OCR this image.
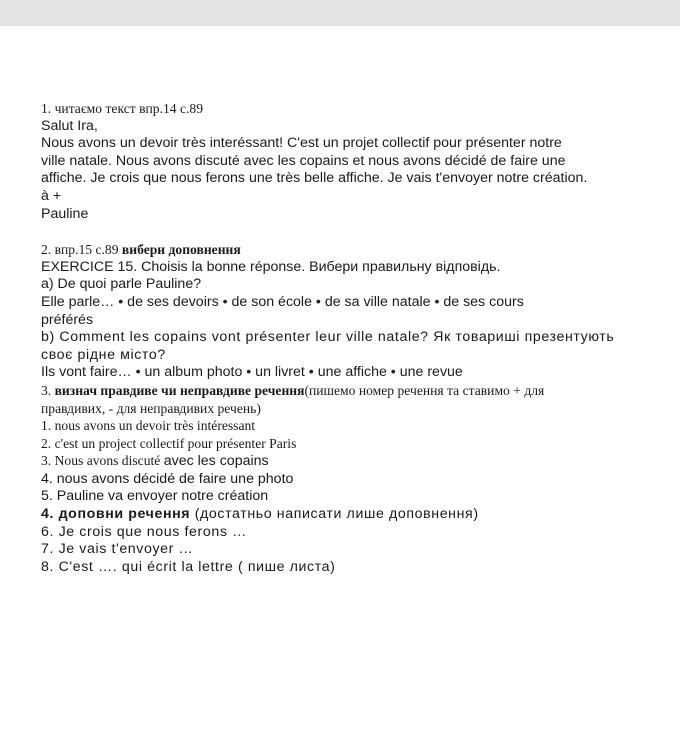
1. читаємо текст впр.14 с.89
Salut Ira,
Nous avons un devoir très interéssant! C'est un projet collectif pour présenter notre
ville natale. Nous avons discuté avec les copains et nous avons décidé de faire une
affiche. Je crois que nous ferons une très belle affiche. Je vais t'envoyer notre création.
à +
Pauline
2. впр.15 с.89 вибери доповнення
EXERCICE 15. Choisis la bonne réponse. Вибери правильну відповідь.
a) De quoi parle Pauline?
Elle parle… • de ses devoirs • de son école • de sa ville natale • de ses cours
préférés
b) Comment les copains vont présenter leur ville natale? Як товариші презентують
своє рідне місто?
Ils vont faire… • un album photo • un livret • une affiche • une revue
3. визнач правдиве чи неправдиве речення(пишемо номер речення та ставимо + для
правдивих, - для неправдивих речень)
1. nous avons un devoir très intéressant
2. c'est un project collectif pour présenter Paris
3. Nous avons discuté avec les copains
4. nous avons décidé de faire une photo
5. Pauline va envoyer notre création
4. доповни речення (достатньо написати лише доповнення)
6. Je crois que nous ferons …
7. Je vais t'envoyer …
8. C'est …. qui écrit la lettre ( пише листа)
